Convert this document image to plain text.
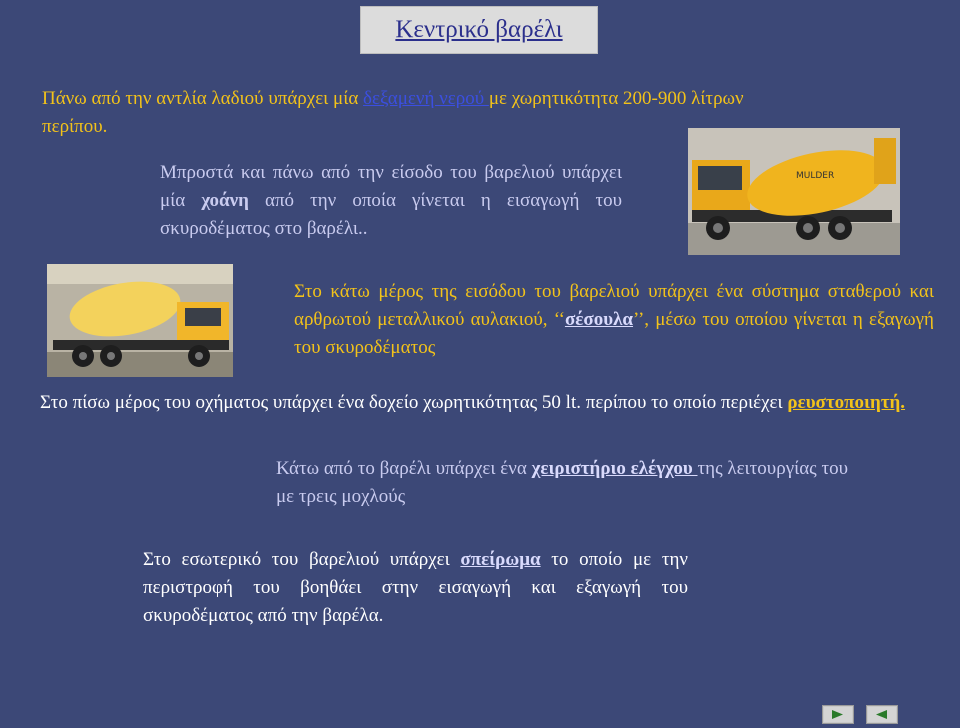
Κεντρικό βαρέλι
Πάνω από την αντλία λαδιού υπάρχει μία δεξαμενή νερού με χωρητικότητα 200-900 λίτρων περίπου.
Μπροστά και πάνω από την είσοδο του βαρελιού υπάρχει μία χοάνη από την οποία γίνεται η εισαγωγή του σκυροδέματος στο βαρέλι..
MULDER
Στο κάτω μέρος της εισόδου του βαρελιού υπάρχει ένα σύστημα σταθερού και αρθρωτού μεταλλικού αυλακιού, ‘‘σέσουλα’’, μέσω του οποίου γίνεται η εξαγωγή του σκυροδέματος
Στο πίσω μέρος του οχήματος υπάρχει ένα δοχείο χωρητικότητας 50 lt. περίπου το οποίο περιέχει ρευστοποιητή.
Κάτω από το βαρέλι υπάρχει ένα χειριστήριο ελέγχου της λειτουργίας του με τρεις μοχλούς
Στο εσωτερικό του βαρελιού υπάρχει σπείρωμα το οποίο με την περιστροφή του βοηθάει στην εισαγωγή και εξαγωγή του σκυροδέματος από την βαρέλα.
